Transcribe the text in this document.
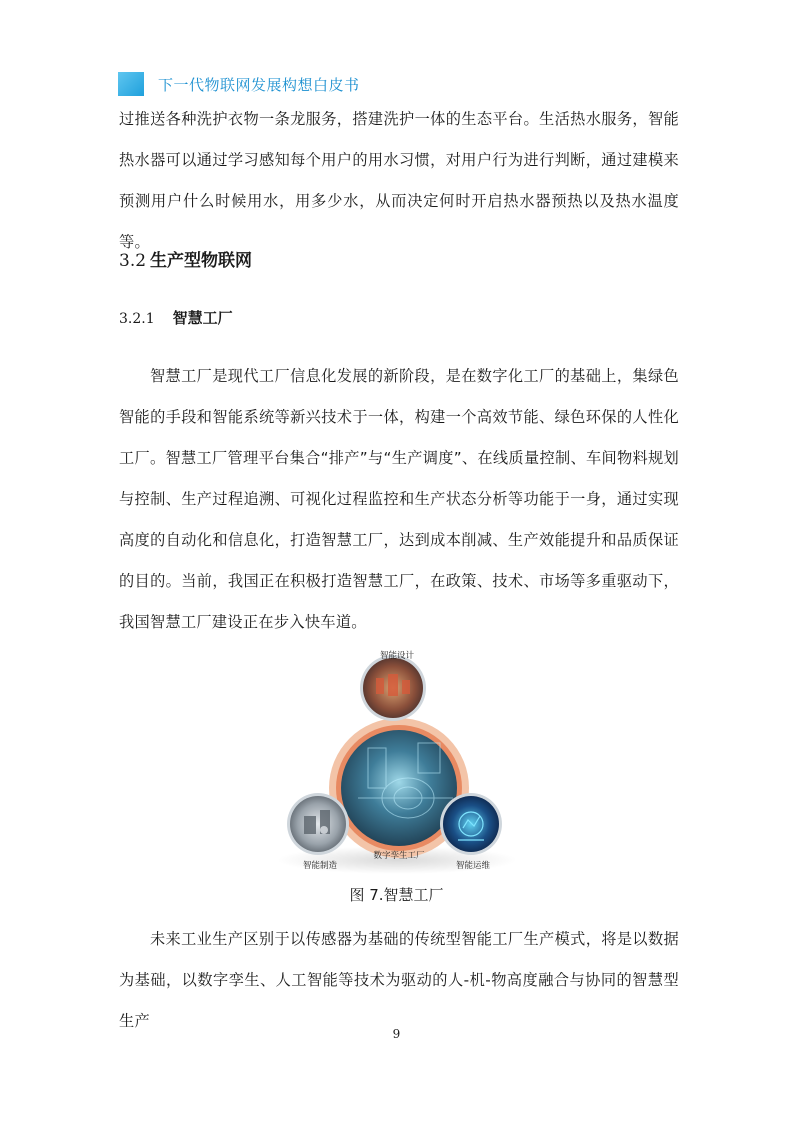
下一代物联网发展构想白皮书
过推送各种洗护衣物一条龙服务，搭建洗护一体的生态平台。生活热水服务，智能热水器可以通过学习感知每个用户的用水习惯，对用户行为进行判断，通过建模来预测用户什么时候用水，用多少水，从而决定何时开启热水器预热以及热水温度等。
3.2 生产型物联网
3.2.1 智慧工厂
智慧工厂是现代工厂信息化发展的新阶段，是在数字化工厂的基础上，集绿色智能的手段和智能系统等新兴技术于一体，构建一个高效节能、绿色环保的人性化工厂。智慧工厂管理平台集合“排产”与“生产调度”、在线质量控制、车间物料规划与控制、生产过程追溯、可视化过程监控和生产状态分析等功能于一身，通过实现高度的自动化和信息化，打造智慧工厂，达到成本削减、生产效能提升和品质保证的目的。当前，我国正在积极打造智慧工厂，在政策、技术、市场等多重驱动下，我国智慧工厂建设正在步入快车道。
智能设计
智能制造
数字孪生工厂
智能运维
图 7.智慧工厂
未来工业生产区别于以传感器为基础的传统型智能工厂生产模式，将是以数据为基础，以数字孪生、人工智能等技术为驱动的人-机-物高度融合与协同的智慧型生产
9
